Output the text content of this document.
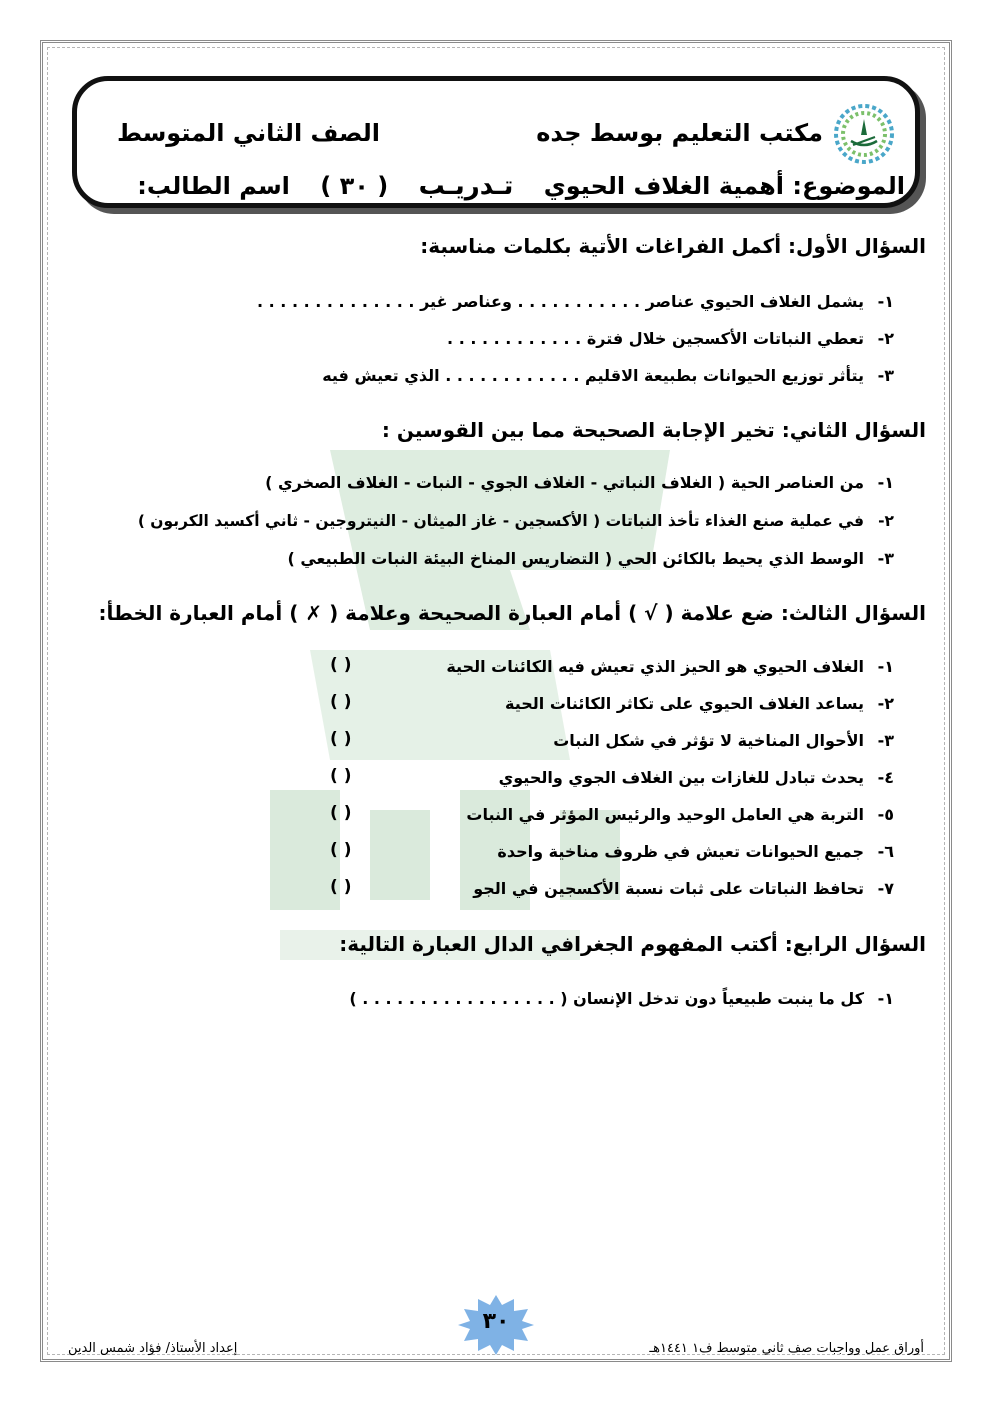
مكتب التعليم بوسط جده
الصف الثاني المتوسط
الموضوع: أهمية الغلاف الحيوي تـدريـب ( ٣٠ ) اسم الطالب:
السؤال الأول: أكمل الفراغات الأتية بكلمات مناسبة:
١-يشمل الغلاف الحيوي عناصر . . . . . . . . . . . وعناصر غير . . . . . . . . . . . . . .
٢-تعطي النباتات الأكسجين خلال فترة . . . . . . . . . . . .
٣-يتأثر توزيع الحيوانات بطبيعة الاقليم . . . . . . . . . . . . الذي تعيش فيه
السؤال الثاني: تخير الإجابة الصحيحة مما بين القوسين :
١-من العناصر الحية ( الغلاف النباتي - الغلاف الجوي - النبات - الغلاف الصخري )
٢-في عملية صنع الغذاء تأخذ النباتات ( الأكسجين - غاز الميثان - النيتروجين - ثاني أكسيد الكربون )
٣-الوسط الذي يحيط بالكائن الحي ( التضاريس المناخ البيئة النبات الطبيعي )
السؤال الثالث: ضع علامة ( √ ) أمام العبارة الصحيحة وعلامة ( ✗ ) أمام العبارة الخطأ:
١-الغلاف الحيوي هو الحيز الذي تعيش فيه الكائنات الحية
( )
٢-يساعد الغلاف الحيوي على تكاثر الكائنات الحية
( )
٣-الأحوال المناخية لا تؤثر في شكل النبات
( )
٤-يحدث تبادل للغازات بين الغلاف الجوي والحيوي
( )
٥-التربة هي العامل الوحيد والرئيس المؤثر في النبات
( )
٦-جميع الحيوانات تعيش في ظروف مناخية واحدة
( )
٧-تحافظ النباتات على ثبات نسبة الأكسجين في الجو
( )
السؤال الرابع: أكتب المفهوم الجغرافي الدال العبارة التالية:
١-كل ما ينبت طبيعياً دون تدخل الإنسان ( . . . . . . . . . . . . . . . . . )
٣٠
أوراق عمل وواجبات صف ثاني متوسط ف١ ١٤٤١هـ
إعداد الأستاذ/ فؤاد شمس الدين
